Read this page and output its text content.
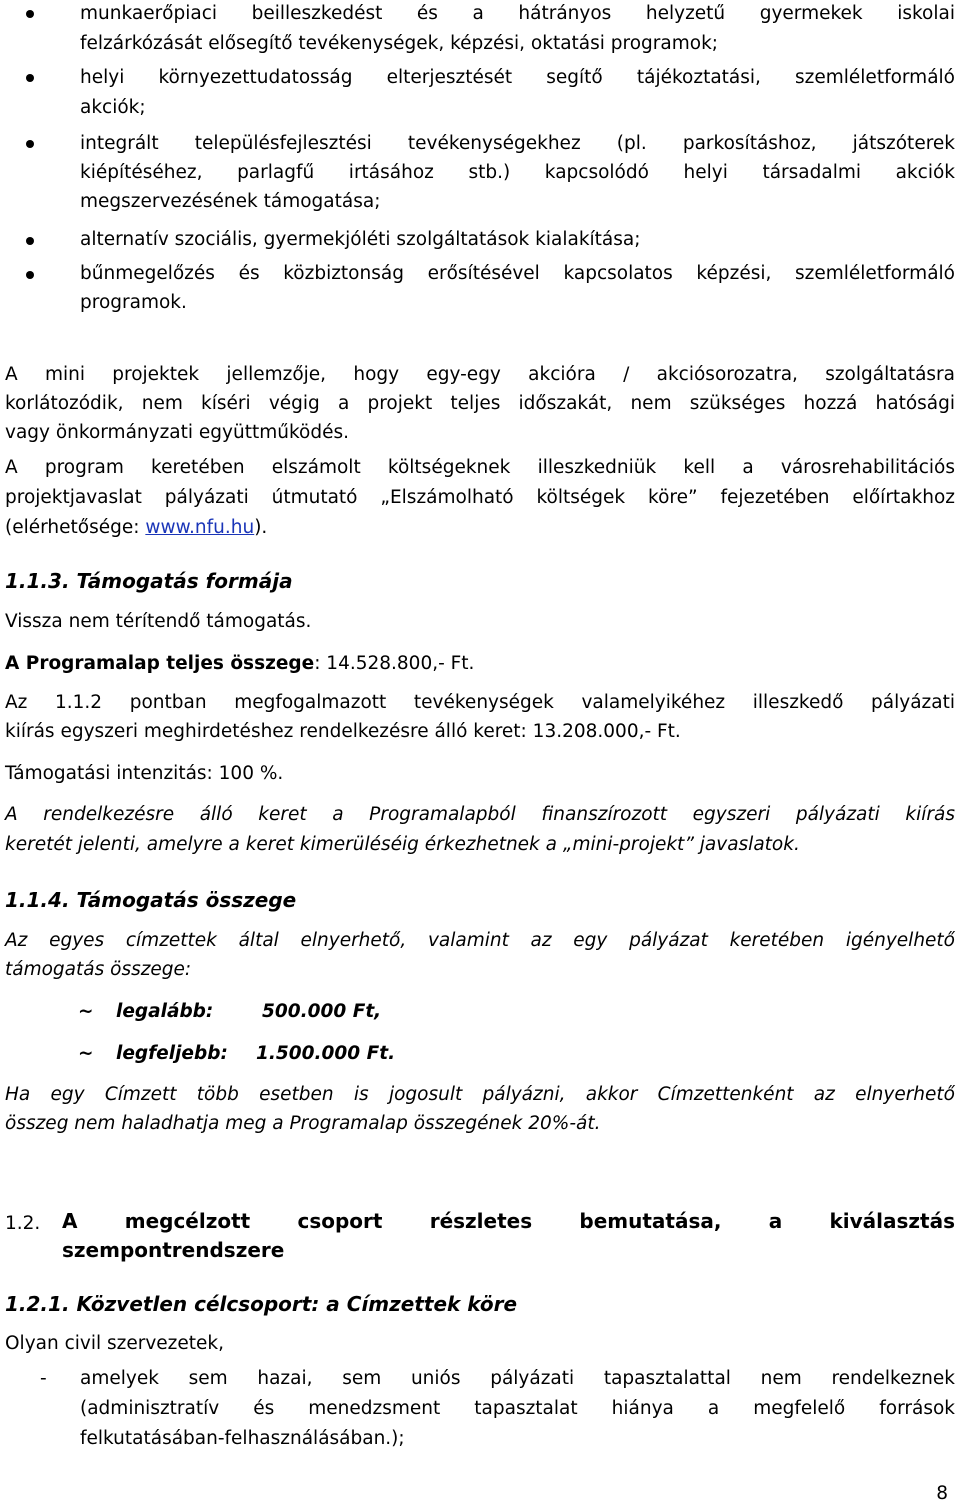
munkaerőpiaci beilleszkedést és a hátrányos helyzetű gyermekek iskolai
felzárkózását elősegítő tevékenységek, képzési, oktatási programok;
helyi környezettudatosság elterjesztését segítő tájékoztatási, szemléletformáló
akciók;
integrált településfejlesztési tevékenységekhez (pl. parkosításhoz, játszóterek
kiépítéséhez, parlagfű irtásához stb.) kapcsolódó helyi társadalmi akciók
megszervezésének támogatása;
alternatív szociális, gyermekjóléti szolgáltatások kialakítása;
bűnmegelőzés és közbiztonság erősítésével kapcsolatos képzési, szemléletformáló
programok.
A mini projektek jellemzője, hogy egy-egy akcióra / akciósorozatra, szolgáltatásra
korlátozódik, nem kíséri végig a projekt teljes időszakát, nem szükséges hozzá hatósági
vagy önkormányzati együttműködés.
A program keretében elszámolt költségeknek illeszkedniük kell a városrehabilitációs
projektjavaslat pályázati útmutató „Elszámolható költségek köre” fejezetében előírtakhoz
(elérhetősége: www.nfu.hu).
1.1.3. Támogatás formája
Vissza nem térítendő támogatás.
A Programalap teljes összege: 14.528.800,- Ft.
Az 1.1.2 pontban megfogalmazott tevékenységek valamelyikéhez illeszkedő pályázati
kiírás egyszeri meghirdetéshez rendelkezésre álló keret: 13.208.000,- Ft.
Támogatási intenzitás: 100 %.
A rendelkezésre álló keret a Programalapból finanszírozott egyszeri pályázati kiírás
keretét jelenti, amelyre a keret kimerüléséig érkezhetnek a „mini-projekt” javaslatok.
1.1.4. Támogatás összege
Az egyes címzettek által elnyerhető, valamint az egy pályázat keretében igényelhető
támogatás összege:
~ legalább:	500.000 Ft,
~ legfeljebb: 1.500.000 Ft.
Ha egy Címzett több esetben is jogosult pályázni, akkor Címzettenként az elnyerhető
összeg nem haladhatja meg a Programalap összegének 20%-át.
1.2.	A megcélzott csoport részletes bemutatása, a kiválasztás
szempontrendszere
1.2.1. Közvetlen célcsoport: a Címzettek köre
Olyan civil szervezetek,
- amelyek sem hazai, sem uniós pályázati tapasztalattal nem rendelkeznek
(adminisztratív és menedzsment tapasztalat hiánya a megfelelő források
felkutatásában-felhasználásában.);
8
